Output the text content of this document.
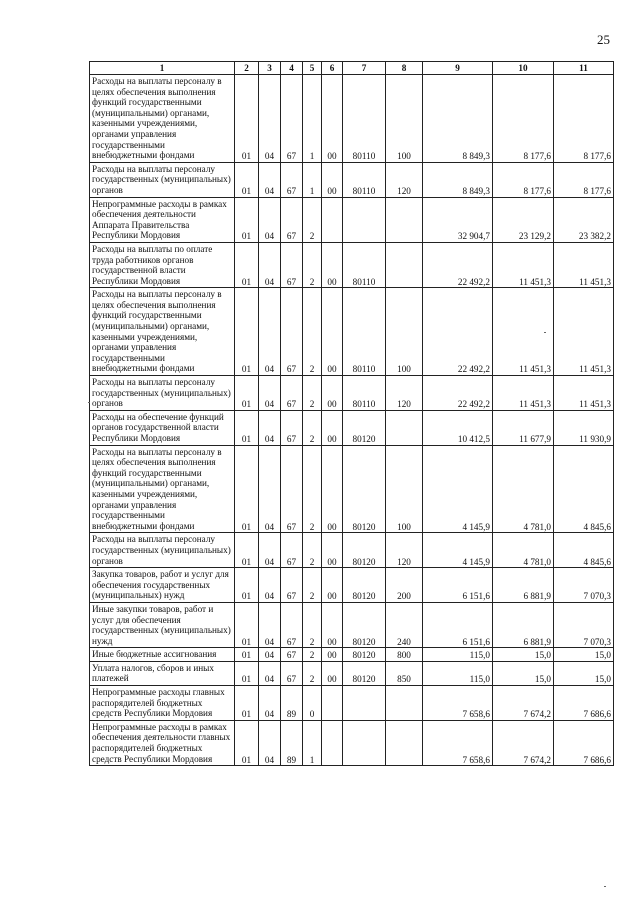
25
1	2	3	4	5	6	7	8	9	10	11
Расходы на выплаты персоналу в целях обеспечения выполнения функций государственными (муниципальными) органами, казенными учреждениями, органами управления государственными внебюджетными фондами	01	04	67	1	00	80110	100	8 849,3	8 177,6	8 177,6
Расходы на выплаты персоналу государственных (муниципальных) органов	01	04	67	1	00	80110	120	8 849,3	8 177,6	8 177,6
Непрограммные расходы в рамках обеспечения деятельности Аппарата Правительства Республики Мордовия	01	04	67	2				32 904,7	23 129,2	23 382,2
Расходы на выплаты по оплате труда работников органов государственной власти Республики Мордовия	01	04	67	2	00	80110		22 492,2	11 451,3	11 451,3
Расходы на выплаты персоналу в целях обеспечения выполнения функций государственными (муниципальными) органами, казенными учреждениями, органами управления государственными внебюджетными фондами	01	04	67	2	00	80110	100	22 492,2	11 451,3	11 451,3
Расходы на выплаты персоналу государственных (муниципальных) органов	01	04	67	2	00	80110	120	22 492,2	11 451,3	11 451,3
Расходы на обеспечение функций органов государственной власти Республики Мордовия	01	04	67	2	00	80120		10 412,5	11 677,9	11 930,9
Расходы на выплаты персоналу в целях обеспечения выполнения функций государственными (муниципальными) органами, казенными учреждениями, органами управления государственными внебюджетными фондами	01	04	67	2	00	80120	100	4 145,9	4 781,0	4 845,6
Расходы на выплаты персоналу государственных (муниципальных) органов	01	04	67	2	00	80120	120	4 145,9	4 781,0	4 845,6
Закупка товаров, работ и услуг для обеспечения государственных (муниципальных) нужд	01	04	67	2	00	80120	200	6 151,6	6 881,9	7 070,3
Иные закупки товаров, работ и услуг для обеспечения государственных (муниципальных) нужд	01	04	67	2	00	80120	240	6 151,6	6 881,9	7 070,3
Иные бюджетные ассигнования	01	04	67	2	00	80120	800	115,0	15,0	15,0
Уплата налогов, сборов и иных платежей	01	04	67	2	00	80120	850	115,0	15,0	15,0
Непрограммные расходы главных распорядителей бюджетных средств Республики Мордовия	01	04	89	0				7 658,6	7 674,2	7 686,6
Непрограммные расходы в рамках обеспечения деятельности главных распорядителей бюджетных средств Республики Мордовия	01	04	89	1				7 658,6	7 674,2	7 686,6
